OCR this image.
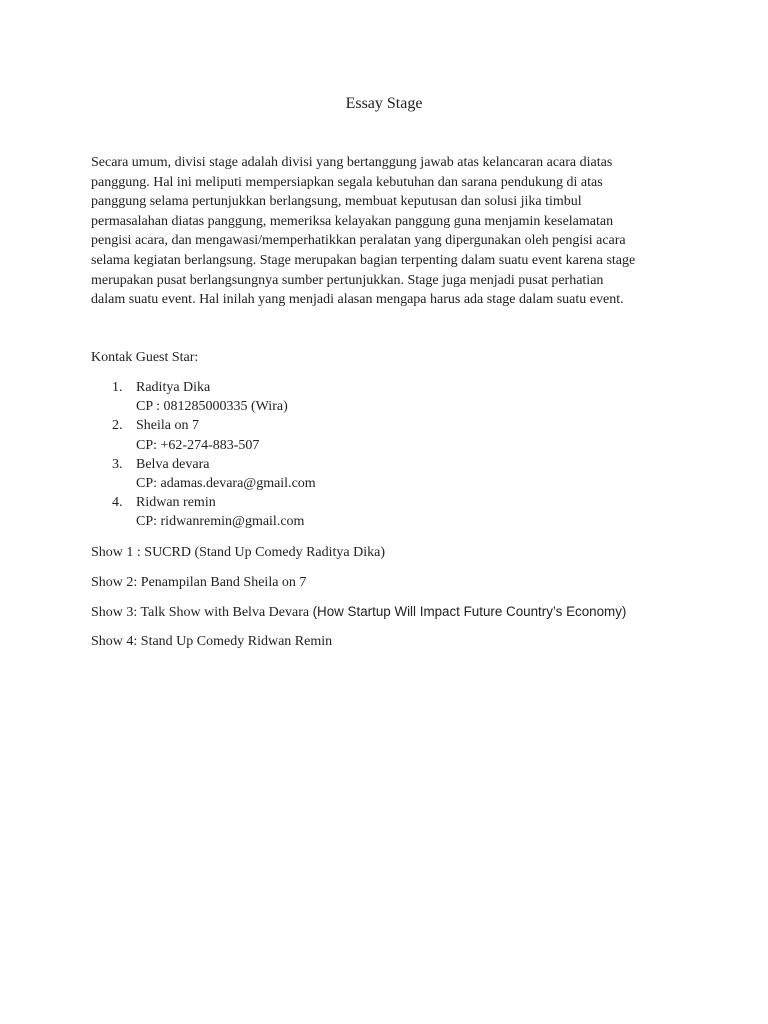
Essay Stage

Secara umum, divisi stage adalah divisi yang bertanggung jawab atas kelancaran acara diatas
panggung. Hal ini meliputi mempersiapkan segala kebutuhan dan sarana pendukung di atas
panggung selama pertunjukkan berlangsung, membuat keputusan dan solusi jika timbul
permasalahan diatas panggung, memeriksa kelayakan panggung guna menjamin keselamatan
pengisi acara, dan mengawasi/memperhatikkan peralatan yang dipergunakan oleh pengisi acara
selama kegiatan berlangsung. Stage merupakan bagian terpenting dalam suatu event karena stage
merupakan pusat berlangsungnya sumber pertunjukkan. Stage juga menjadi pusat perhatian
dalam suatu event. Hal inilah yang menjadi alasan mengapa harus ada stage dalam suatu event.

Kontak Guest Star:
1. Raditya Dika
CP : 081285000335 (Wira)
2. Sheila on 7
CP: +62-274-883-507
3. Belva devara
CP: adamas.devara@gmail.com
4. Ridwan remin
CP: ridwanremin@gmail.com
Show 1 : SUCRD (Stand Up Comedy Raditya Dika)
Show 2: Penampilan Band Sheila on 7
Show 3: Talk Show with Belva Devara (How Startup Will Impact Future Country’s Economy)
Show 4: Stand Up Comedy Ridwan Remin
